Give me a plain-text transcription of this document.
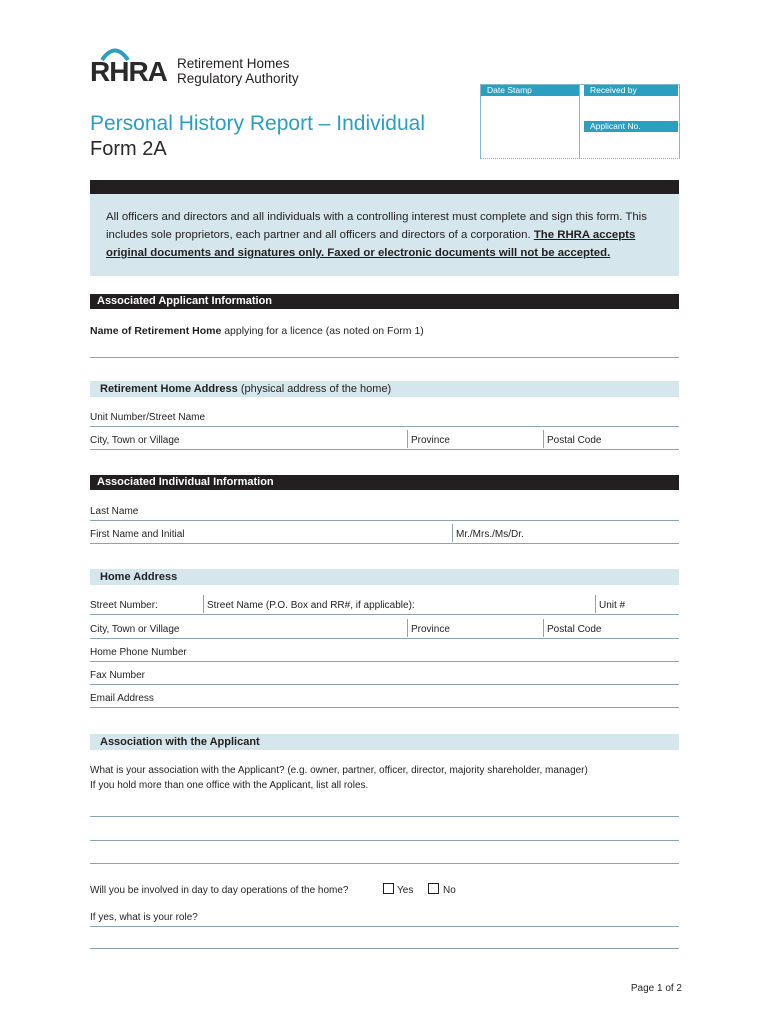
RHRA Retirement Homes
Regulatory Authority
Personal History Report – Individual
Form 2A
Date Stamp	Received by
Applicant No.
All officers and directors and all individuals with a controlling interest must complete and sign this form. This includes sole proprietors, each partner and all officers and directors of a corporation. The RHRA accepts original documents and signatures only. Faxed or electronic documents will not be accepted.
Associated Applicant Information
Name of Retirement Home applying for a licence (as noted on Form 1)
Retirement Home Address (physical address of the home)
Unit Number/Street Name
City, Town or Village	Province	Postal Code
Associated Individual Information
Last Name
First Name and Initial	Mr./Mrs./Ms/Dr.
Home Address
Street Number:	Street Name (P.O. Box and RR#, if applicable):	Unit #
City, Town or Village	Province	Postal Code
Home Phone Number
Fax Number
Email Address
Association with the Applicant
What is your association with the Applicant? (e.g. owner, partner, officer, director, majority shareholder, manager)
If you hold more than one office with the Applicant, list all roles.
Will you be involved in day to day operations of the home?	Yes	No
If yes, what is your role?
Page 1 of 2
